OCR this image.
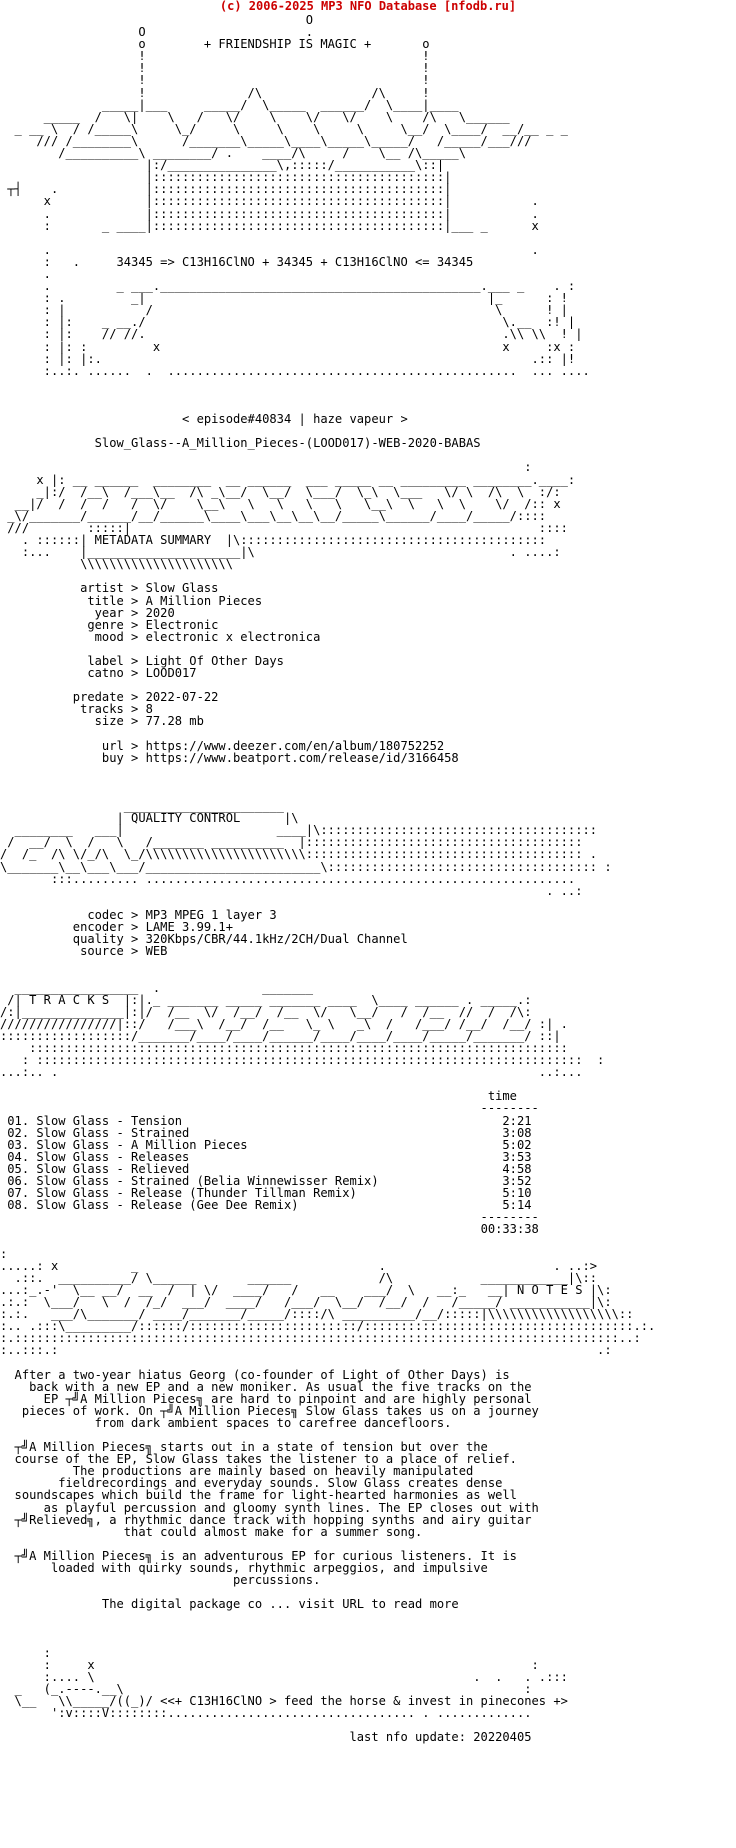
(c) 2006-2025 MP3 NFO Database [nfodb.ru]
O
O                      .
o        + FRIENDSHIP IS MAGIC +       o
!                                      !
!                                      !
!                                      !
!              /\               /\     !
_____|___     _____/  \_____  ______/  \____|____
_____  /   \|    \   /   \/    \    \/   \/    \    /\   \______
_ __ \  / /_____\     \_/     \     \    \     \     \__/  \____/  __/__ _ _
/// /________\      /_______\_____\____\_____\_____/   /_____/___///
/__________\ ________/ .    ____/\     /    \__ /\_____\
|:/_______________\,:::::/___________\::|
|::::::::::::::::::::::::::::::::::::::::|
┬┤    .            |::::::::::::::::::::::::::::::::::::::::|
x             |::::::::::::::::::::::::::::::::::::::::|           .
.             |::::::::::::::::::::::::::::::::::::::::|           .
:       _ ____|::::::::::::::::::::::::::::::::::::::::|___ _      x

.                                                                  .
:   .     34345 => C13H16ClNO + 34345 + C13H16ClNO <= 34345
.
.         _ ___.____________________________________________.___ _    . :
: .         _|                                               |_      : !
: |           /                                               \      ! |
: |:    _ __./                                                 \.__  :! |
: |:    // //.                                                 .\\ \\  ! |
: |: :         x                                               x     :x :
: |: |:.                                                           .:: |!
:..:. ......  .  ................................................  ... ....

< episode#40834 | haze vapeur >

Slow_Glass--A_Million_Pieces-(LOOD017)-WEB-2020-BABAS

:
x |: __ ______  ________  __ ______  ___ _____ __ _________ ________.____:
_|:/  /__\  /___\__  /\ _\__/  \__/  \___/  \_\  \___   \/ \  /\  \  :/:
__|/  /  /  /   /  \/    \__\   \   \   \   \   \__\  \   \  \    \/  /:: x
_\/_______/______/__/______\____\___\__\__\__/_____\______/____/_____/::::
///        :::::|                                                        ::::
. ::::::| METADATA SUMMARY  |\::::::::::::::::::::::::::::::::::::::::::
:...    |_____________________|\                                   . ....:
\\\\\\\\\\\\\\\\\\\\\

artist > Slow Glass
title > A Million Pieces
year > 2020
genre > Electronic
mood > electronic x electronica

label > Light Of Other Days
catno > LOOD017

predate > 2022-07-22
tracks > 8
size > 77.28 mb

url > https://www.deezer.com/en/album/180752252
buy > https://www.beatport.com/release/id/3166458

______________________
| QUALITY CONTROL      |\
________   ___|                     ____|\::::::::::::::::::::::::::::::::::::::
/  __/  \  /   \   /_______ __________  |::::::::::::::::::::::::::::::::::::::
/  /_  /\ \/_/\  \_/\\\\\\\\\\\\\\\\\\\\\\:::::::::::::::::::::::::::::::::::::: .
\_______\__\___\___/________________________\::::::::::::::::::::::::::::::::::::: :
:::......... ...........................................................
. ..:

codec > MP3 MPEG 1 layer 3
encoder > LAME 3.99.1+
quality > 320Kbps/CBR/44.1kHz/2CH/Dual Channel
source > WEB

_________________  .              _______
/| T R A C K S  |:|._ _______ _____ _______ ____  \____ ______ . _____.:
/:|______________|:|/  /__  \/  /__/  /__  \/   \__/   /  /__  //  /  /\:
////////////////|::/   /___\  /__/  /__   \_ \   _\  /   /___/ /__/  /__/ :| .
::::::::::::::::::/_______/____/____/______/____/____/____/_____/_______/ ::|
::::::::::::::::::::::::::::::::::::::::::::::::::::::::::::::::::::::::::
: :::::::::::::::::::::::::::::::::::::::::::::::::::::::::::::::::::::::::::  :
...:.. .                                                                  ..:...

time
--------
01. Slow Glass - Tension                                            2:21
02. Slow Glass - Strained                                           3:08
03. Slow Glass - A Million Pieces                                   5:02
04. Slow Glass - Releases                                           3:53
05. Slow Glass - Relieved                                           4:58
06. Slow Glass - Strained (Belia Winnewisser Remix)                 3:52
07. Slow Glass - Release (Thunder Tillman Remix)                    5:10
08. Slow Glass - Release (Gee Dee Remix)                            5:14
--------
00:33:38

:
.....: x          _                                 .                       . ..:>
.::.  __________/ \______       ______            /\            ____________|\::
...:_.-'  \__ __/  __  /  | \/  ____/   /   __    ___/  \   __:_   __| N O T E S |\:
.:.:  \___/   \  /  /_/  ___/  ____/   /___/  \__/  /__/  /   /_____/ ___________|\:
:.:.   ___/\_______/ ____/_______/_____/::::/\ __________/__/:::::|\\\\\\\\\\\\\\\\\\::
:.. .:::\_________/::::::/:::::::::::::::::::::::/:::::::::::::::::::::::::::::::::::::.:.
:.:::::::::::::::::::::::::::::::::::::::::::::::::::::::::::::::::::::::::::::::::::..:
:..:::.:                                                                          .:

After a two-year hiatus Georg (co-founder of Light of Other Days) is
back with a new EP and a new moniker. As usual the five tracks on the
EP ┬╝A Million Pieces╗ are hard to pinpoint and are highly personal
pieces of work. On ┬╝A Million Pieces╗ Slow Glass takes us on a journey
from dark ambient spaces to carefree dancefloors.

┬╝A Million Pieces╗ starts out in a state of tension but over the
course of the EP, Slow Glass takes the listener to a place of relief.
The productions are mainly based on heavily manipulated
fieldrecordings and everyday sounds. Slow Glass creates dense
soundscapes which build the frame for light-hearted harmonies as well
as playful percussion and gloomy synth lines. The EP closes out with
┬╝Relieved╗, a rhythmic dance track with hopping synths and airy guitar
that could almost make for a summer song.

┬╝A Million Pieces╗ is an adventurous EP for curious listeners. It is
loaded with quirky sounds, rhythmic arpeggios, and impulsive
percussions.

The digital package co ... visit URL to read more

:
:     x                                                            :
:.... \                                                    .  .   . .:::
_   (_.----.__\                                                       :
\__   \\_____/((_)/ <<+ C13H16ClNO > feed the horse & invest in pinecones +>
':v::::V::::::::.................................. . .............

last nfo update: 20220405
